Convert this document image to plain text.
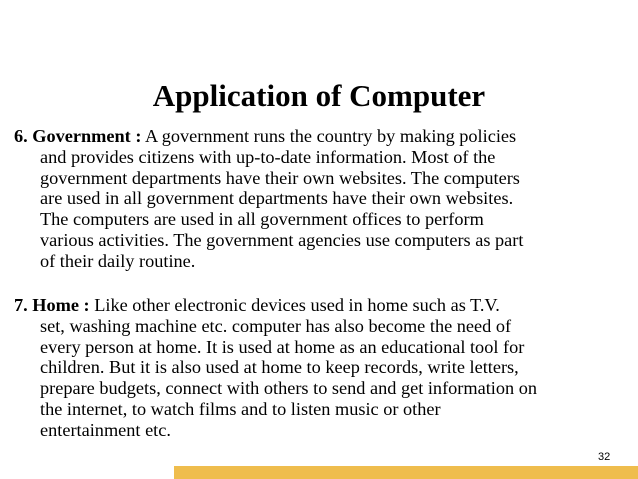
Application of Computer
6. Government : A government runs the country by making policies
and provides citizens with up-to-date information. Most of the
government departments have their own websites. The computers
are used in all government departments have their own websites.
The computers are used in all government offices to perform
various activities. The government agencies use computers as part
of their daily routine.
7. Home : Like other electronic devices used in home such as T.V.
set, washing machine etc. computer has also become the need of
every person at home. It is used at home as an educational tool for
children. But it is also used at home to keep records, write letters,
prepare budgets, connect with others to send and get information on
the internet, to watch films and to listen music or other
entertainment etc.
32
